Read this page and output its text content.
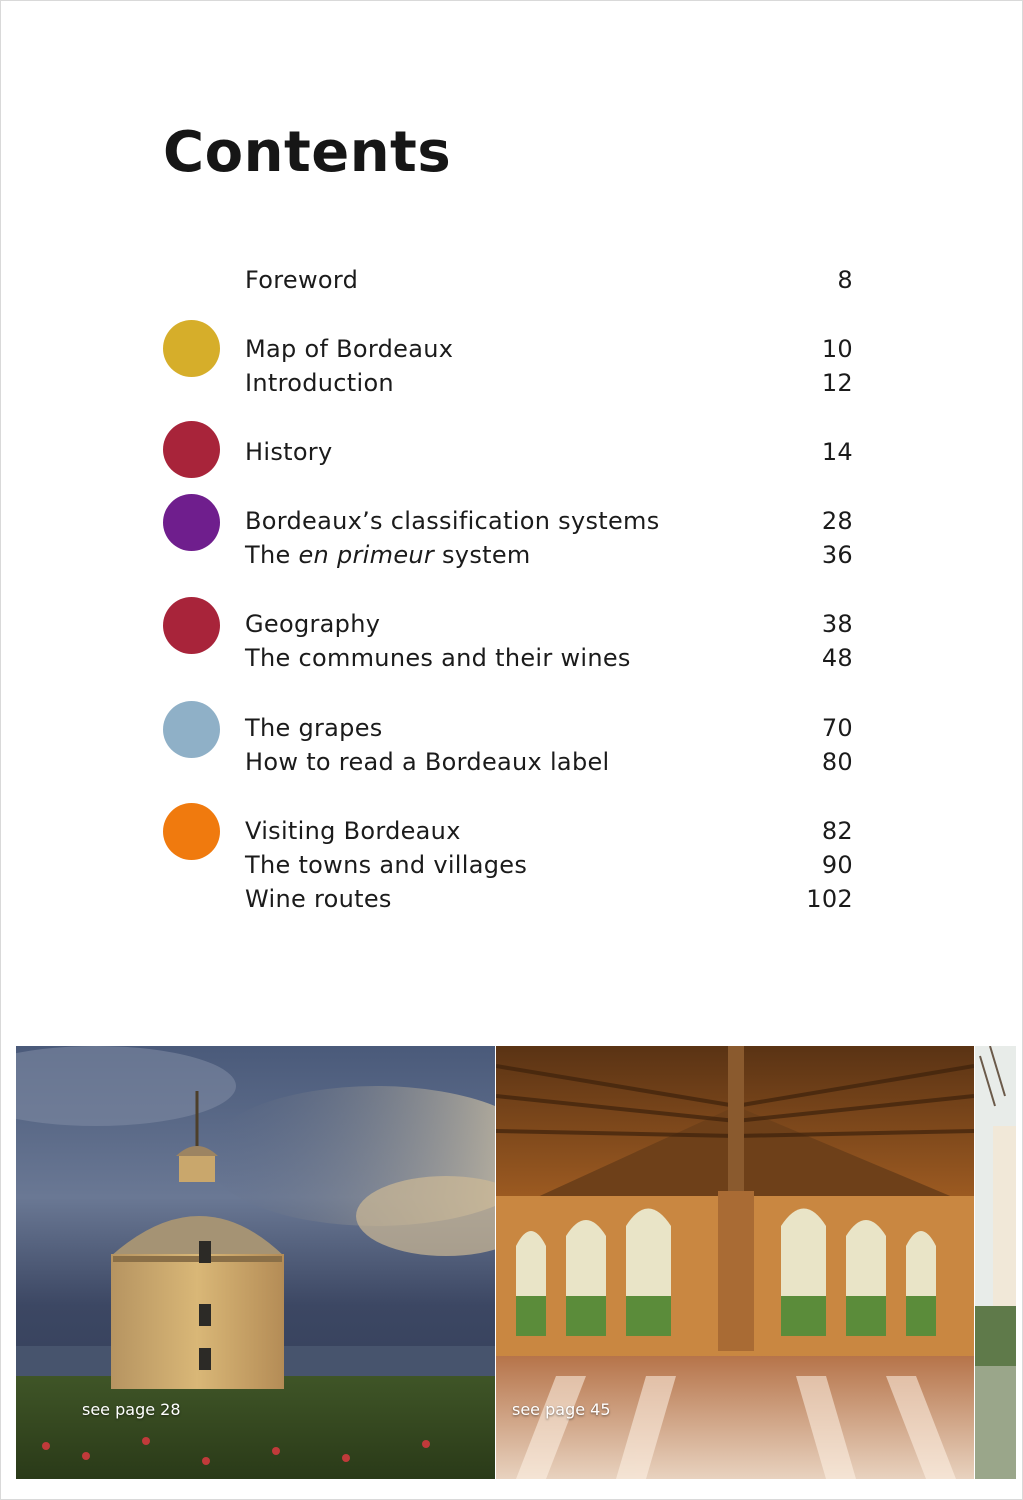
Contents
Foreword	8
Map of Bordeaux	10
Introduction	12
History	14
Bordeaux’s classification systems	28
The en primeur system	36
Geography	38
The communes and their wines	48
The grapes	70
How to read a Bordeaux label	80
Visiting Bordeaux	82
The towns and villages	90
Wine routes	102
see page 28	see page 45
